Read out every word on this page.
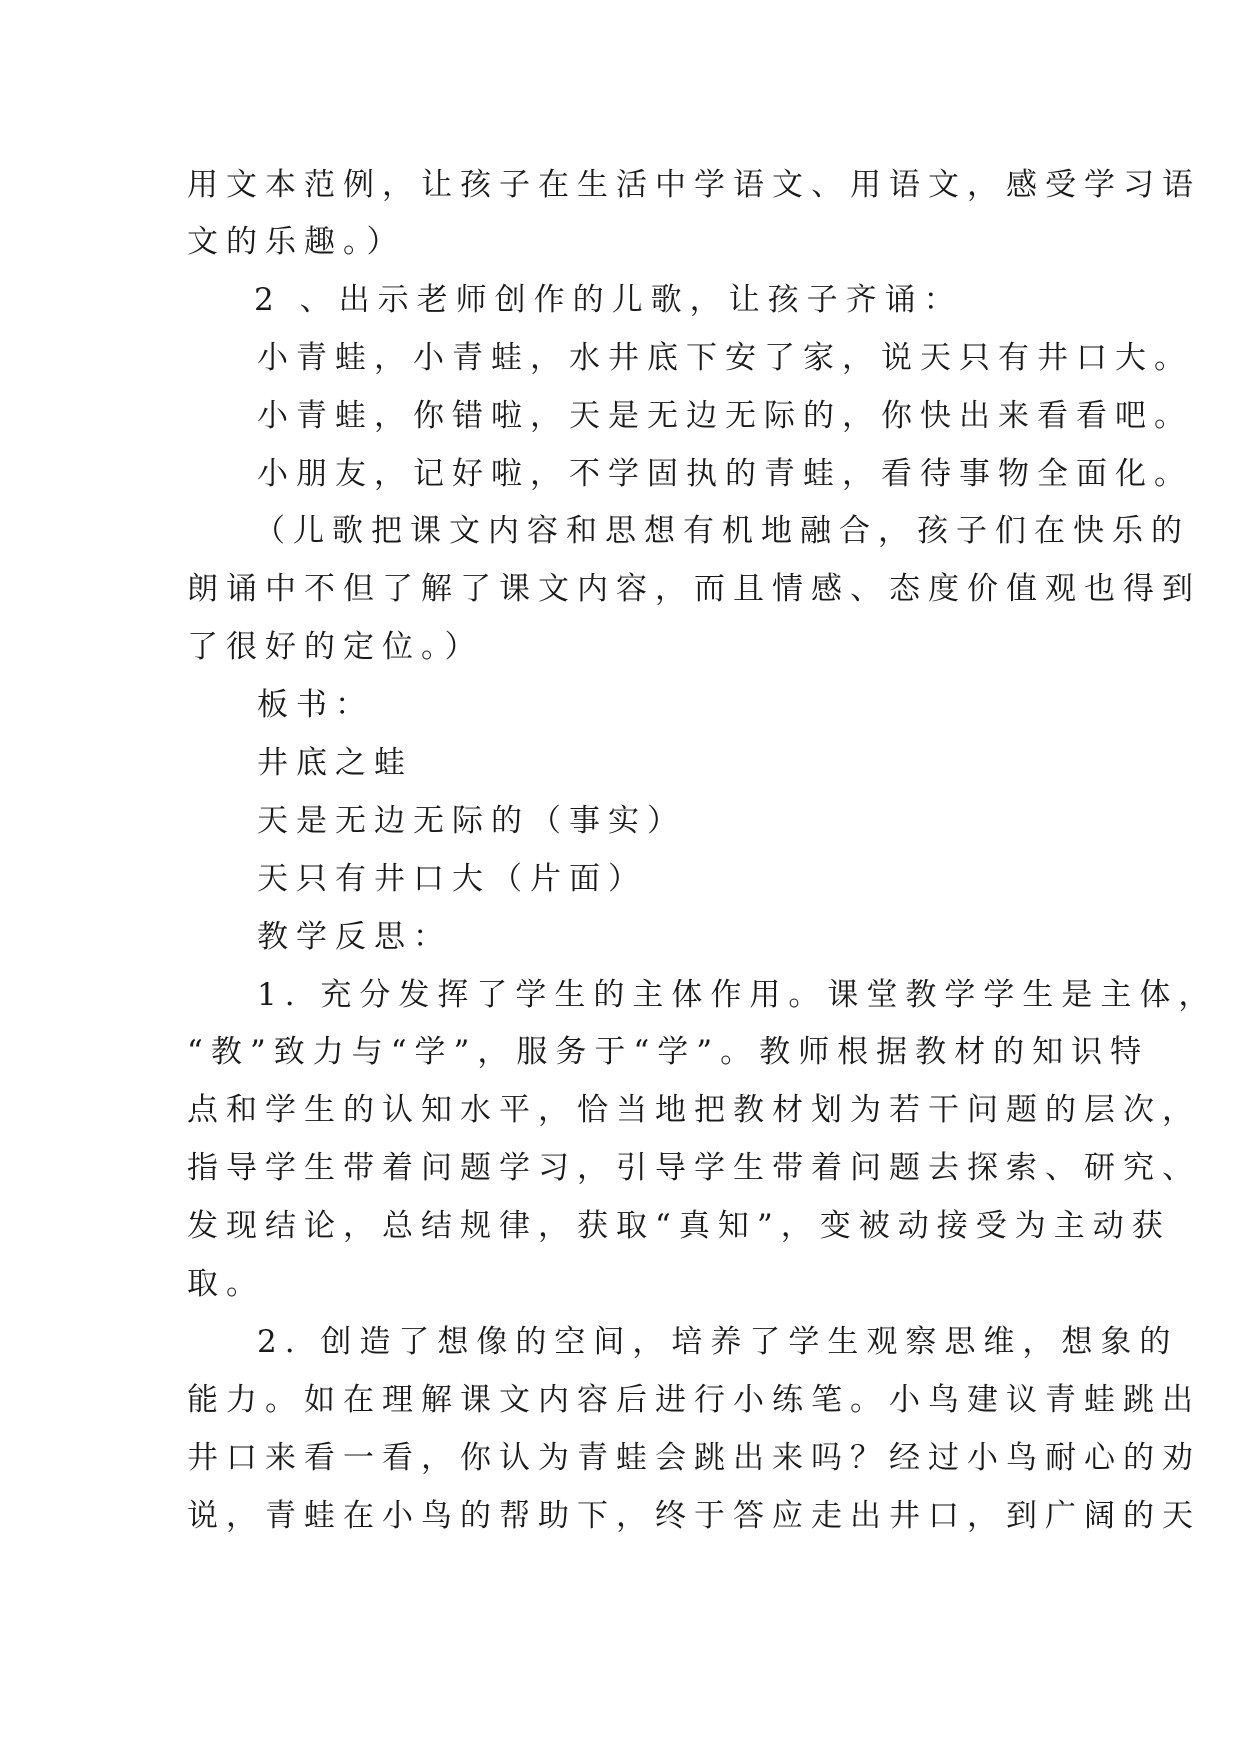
用文本范例，让孩子在生活中学语文、用语文，感受学习语
文的乐趣。）
2 、出示老师创作的儿歌，让孩子齐诵：
小青蛙，小青蛙，水井底下安了家，说天只有井口大。
小青蛙，你错啦，天是无边无际的，你快出来看看吧。
小朋友，记好啦，不学固执的青蛙，看待事物全面化。
（儿歌把课文内容和思想有机地融合，孩子们在快乐的
朗诵中不但了解了课文内容，而且情感、态度价值观也得到
了很好的定位。）
板书：
井底之蛙
天是无边无际的（事实）
天只有井口大（片面）
教学反思：
1. 充分发挥了学生的主体作用。课堂教学学生是主体，
“教”致力与“学”，服务于“学”。教师根据教材的知识特
点和学生的认知水平，恰当地把教材划为若干问题的层次，
指导学生带着问题学习，引导学生带着问题去探索、研究、
发现结论，总结规律，获取“真知”，变被动接受为主动获
取。
2. 创造了想像的空间，培养了学生观察思维，想象的
能力。如在理解课文内容后进行小练笔。小鸟建议青蛙跳出
井口来看一看，你认为青蛙会跳出来吗？经过小鸟耐心的劝
说，青蛙在小鸟的帮助下，终于答应走出井口，到广阔的天
